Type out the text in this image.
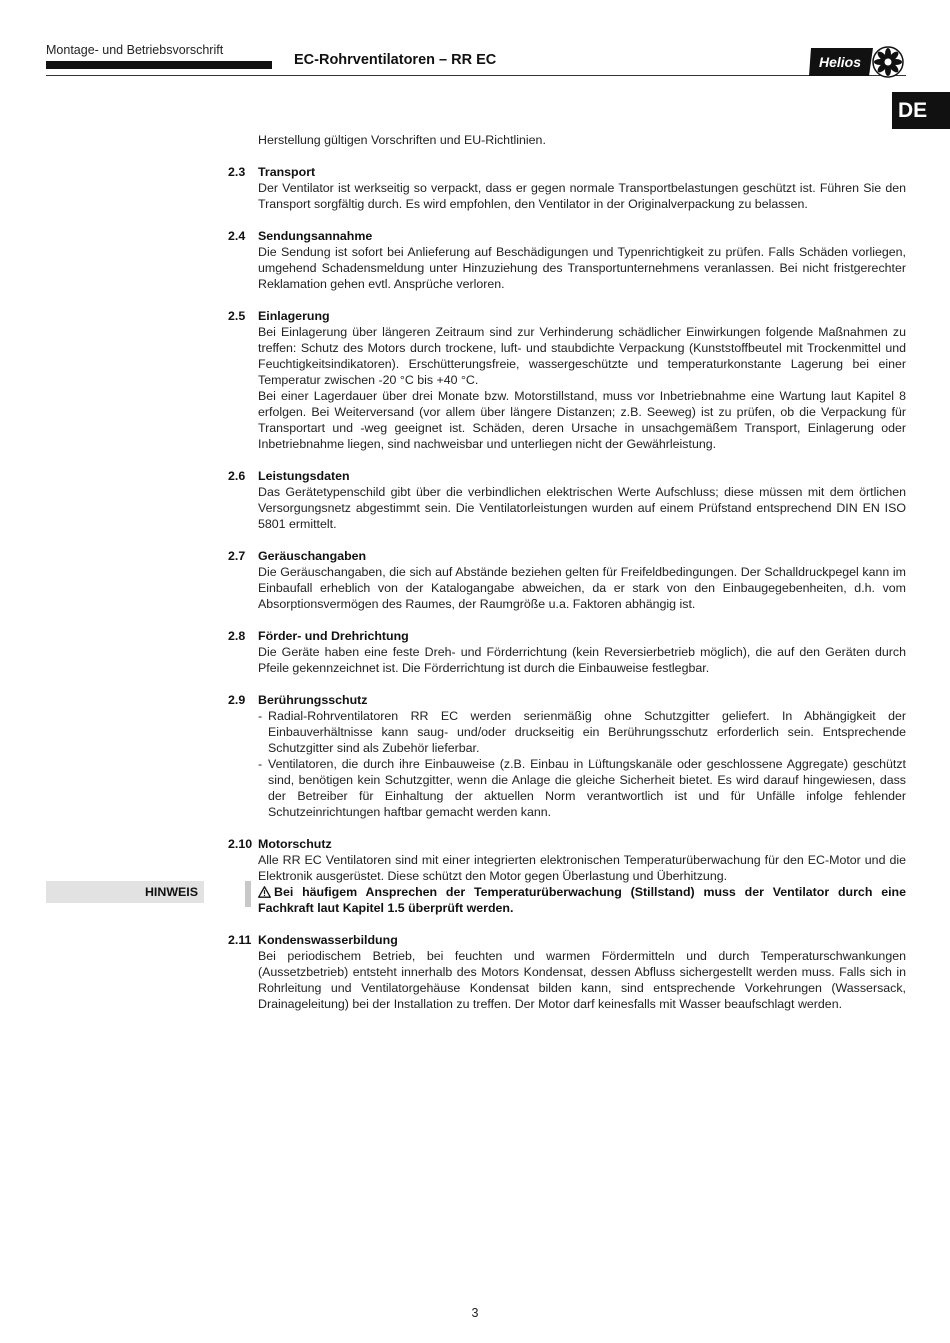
Montage- und Betriebsvorschrift
EC-Rohrventilatoren – RR EC	Helios
DE

Herstellung gültigen Vorschriften und EU-Richtlinien.

2.3	Transport

Der Ventilator ist werkseitig so verpackt, dass er gegen normale Transportbelastungen geschützt ist. Führen Sie den Transport sorgfältig durch. Es wird empfohlen, den Ventilator in der Originalverpackung zu belassen.

2.4	Sendungsannahme

Die Sendung ist sofort bei Anlieferung auf Beschädigungen und Typenrichtigkeit zu prüfen. Falls Schäden vorliegen, umgehend Schadensmeldung unter Hinzuziehung des Transportunternehmens veranlassen. Bei nicht fristgerechter Reklamation gehen evtl. Ansprüche verloren.

2.5	Einlagerung

Bei Einlagerung über längeren Zeitraum sind zur Verhinderung schädlicher Einwirkungen folgende Maßnahmen zu treffen: Schutz des Motors durch trockene, luft- und staubdichte Verpackung (Kunststoffbeutel mit Trockenmittel und Feuchtigkeitsindikatoren). Erschütterungsfreie, wassergeschützte und temperaturkonstante Lagerung bei einer Temperatur zwischen -20 °C bis +40 °C.

Bei einer Lagerdauer über drei Monate bzw. Motorstillstand, muss vor Inbetriebnahme eine Wartung laut Kapitel 8 erfolgen. Bei Weiterversand (vor allem über längere Distanzen; z.B. Seeweg) ist zu prüfen, ob die Verpackung für Transportart und -weg geeignet ist. Schäden, deren Ursache in unsachgemäßem Transport, Einlagerung oder Inbetriebnahme liegen, sind nachweisbar und unterliegen nicht der Gewährleistung.

2.6	Leistungsdaten

Das Gerätetypenschild gibt über die verbindlichen elektrischen Werte Aufschluss; diese müssen mit dem örtlichen Versorgungsnetz abgestimmt sein. Die Ventilatorleistungen wurden auf einem Prüfstand entsprechend DIN EN ISO 5801 ermittelt.

2.7	Geräuschangaben

Die Geräuschangaben, die sich auf Abstände beziehen gelten für Freifeldbedingungen. Der Schalldruckpegel kann im Einbaufall erheblich von der Katalogangabe abweichen, da er stark von den Einbaugegebenheiten, d.h. vom Absorptionsvermögen des Raumes, der Raumgröße u.a. Faktoren abhängig ist.

2.8	Förder- und Drehrichtung

Die Geräte haben eine feste Dreh- und Förderrichtung (kein Reversierbetrieb möglich), die auf den Geräten durch Pfeile gekennzeichnet ist. Die Förderrichtung ist durch die Einbauweise festlegbar.

2.9	Berührungsschutz
- Radial-Rohrventilatoren RR EC werden serienmäßig ohne Schutzgitter geliefert. In Abhängigkeit der Einbauverhältnisse kann saug- und/oder druckseitig ein Berührungsschutz erforderlich sein. Entsprechende Schutzgitter sind als Zubehör lieferbar.
- Ventilatoren, die durch ihre Einbauweise (z.B. Einbau in Lüftungskanäle oder geschlossene Aggregate) geschützt sind, benötigen kein Schutzgitter, wenn die Anlage die gleiche Sicherheit bietet. Es wird darauf hingewiesen, dass der Betreiber für Einhaltung der aktuellen Norm verantwortlich ist und für Unfälle infolge fehlender Schutzeinrichtungen haftbar gemacht werden kann.
2.10 Motorschutz

Alle RR EC Ventilatoren sind mit einer integrierten elektronischen Temperaturüberwachung für den EC-Motor und die Elektronik ausgerüstet. Diese schützt den Motor gegen Überlastung und Überhitzung.

Bei häufigem Ansprechen der Temperaturüberwachung (Stillstand) muss der Ventilator durch eine Fachkraft laut Kapitel 1.5 überprüft werden.

2.11 Kondenswasserbildung

Bei periodischem Betrieb, bei feuchten und warmen Fördermitteln und durch Temperaturschwankungen (Aussetzbetrieb) entsteht innerhalb des Motors Kondensat, dessen Abfluss sichergestellt werden muss. Falls sich in Rohrleitung und Ventilatorgehäuse Kondensat bilden kann, sind entsprechende Vorkehrungen (Wassersack, Drainageleitung) bei der Installation zu treffen. Der Motor darf keinesfalls mit Wasser beaufschlagt werden.

HINWEIS
3
